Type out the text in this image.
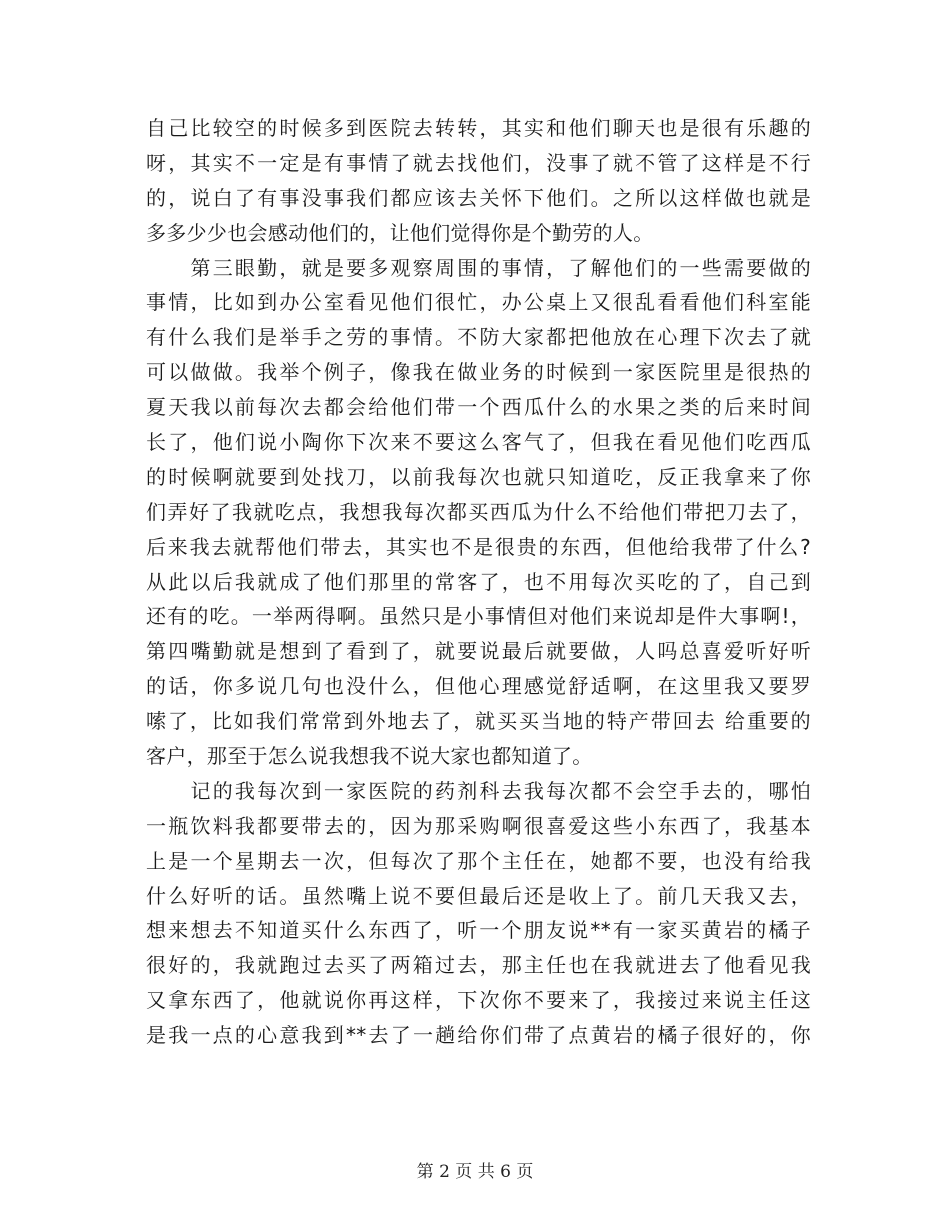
自己比较空的时候多到医院去转转，其实和他们聊天也是很有乐趣的
呀，其实不一定是有事情了就去找他们，没事了就不管了这样是不行
的，说白了有事没事我们都应该去关怀下他们。之所以这样做也就是
多多少少也会感动他们的，让他们觉得你是个勤劳的人。
　　第三眼勤，就是要多观察周围的事情，了解他们的一些需要做的
事情，比如到办公室看见他们很忙，办公桌上又很乱看看他们科室能
有什么我们是举手之劳的事情。不防大家都把他放在心理下次去了就
可以做做。我举个例子，像我在做业务的时候到一家医院里是很热的
夏天我以前每次去都会给他们带一个西瓜什么的水果之类的后来时间
长了，他们说小陶你下次来不要这么客气了，但我在看见他们吃西瓜
的时候啊就要到处找刀，以前我每次也就只知道吃，反正我拿来了你
们弄好了我就吃点，我想我每次都买西瓜为什么不给他们带把刀去了，
后来我去就帮他们带去，其实也不是很贵的东西，但他给我带了什么?
从此以后我就成了他们那里的常客了，也不用每次买吃的了，自己到
还有的吃。一举两得啊。虽然只是小事情但对他们来说却是件大事啊!，
第四嘴勤就是想到了看到了，就要说最后就要做，人吗总喜爱听好听
的话，你多说几句也没什么，但他心理感觉舒适啊，在这里我又要罗
嗦了，比如我们常常到外地去了，就买买当地的特产带回去 给重要的
客户，那至于怎么说我想我不说大家也都知道了。
　　记的我每次到一家医院的药剂科去我每次都不会空手去的，哪怕
一瓶饮料我都要带去的，因为那采购啊很喜爱这些小东西了，我基本
上是一个星期去一次，但每次了那个主任在，她都不要，也没有给我
什么好听的话。虽然嘴上说不要但最后还是收上了。前几天我又去，
想来想去不知道买什么东西了，听一个朋友说**有一家买黄岩的橘子
很好的，我就跑过去买了两箱过去，那主任也在我就进去了他看见我
又拿东西了，他就说你再这样，下次你不要来了，我接过来说主任这
是我一点的心意我到**去了一趟给你们带了点黄岩的橘子很好的，你
第 2 页 共 6 页
